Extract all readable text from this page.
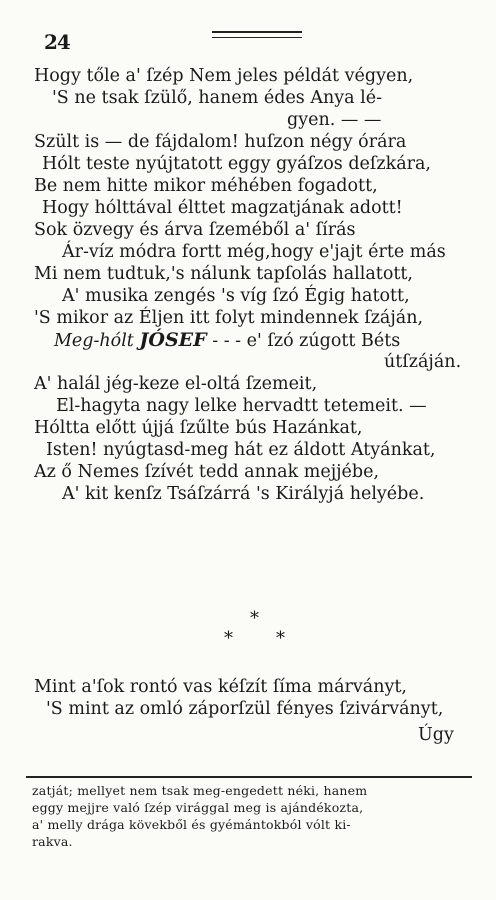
24
Hogy tőle a' ſzép Nem jeles példát végyen,
'S ne tsak ſzülő, hanem édes Anya lé-
gyen. — —
Szült is — de fájdalom! huſzon négy órára
Hólt teste nyújtatott eggy gyáſzos deſzkára,
Be nem hitte mikor méhében fogadott,
Hogy hólttával élttet magzatjának adott!
Sok özvegy és árva ſzeméből a' ſírás
Ár-víz módra fortt még,hogy e'jajt érte más
Mi nem tudtuk,'s nálunk tapſolás hallatott,
A' musika zengés 's víg ſzó Égig hatott,
'S mikor az Éljen itt folyt mindennek ſzáján,
Meg-hólt JÓSEF - - - e' ſzó zúgott Béts
útſzáján.
A' halál jég-keze el-oltá ſzemeit,
El-hagyta nagy lelke hervadtt tetemeit. —
Hóltta előtt újjá ſzűlte bús Hazánkat,
Isten! nyúgtasd-meg hát ez áldott Atyánkat,
Az ő Nemes ſzívét tedd annak mejjébe,
A' kit kenſz Tsáſzárrá 's Királyjá helyébe.
*
* *
Mint a'ſok rontó vas kéſzít ſíma márványt,
'S mint az omló záporſzül fényes ſzivárványt,
Úgy
zatját; mellyet nem tsak meg-engedett néki, hanem
eggy mejjre való ſzép virággal meg is ajándékozta,
a' melly drága kövekből és gyémántokból vólt ki-
rakva.
